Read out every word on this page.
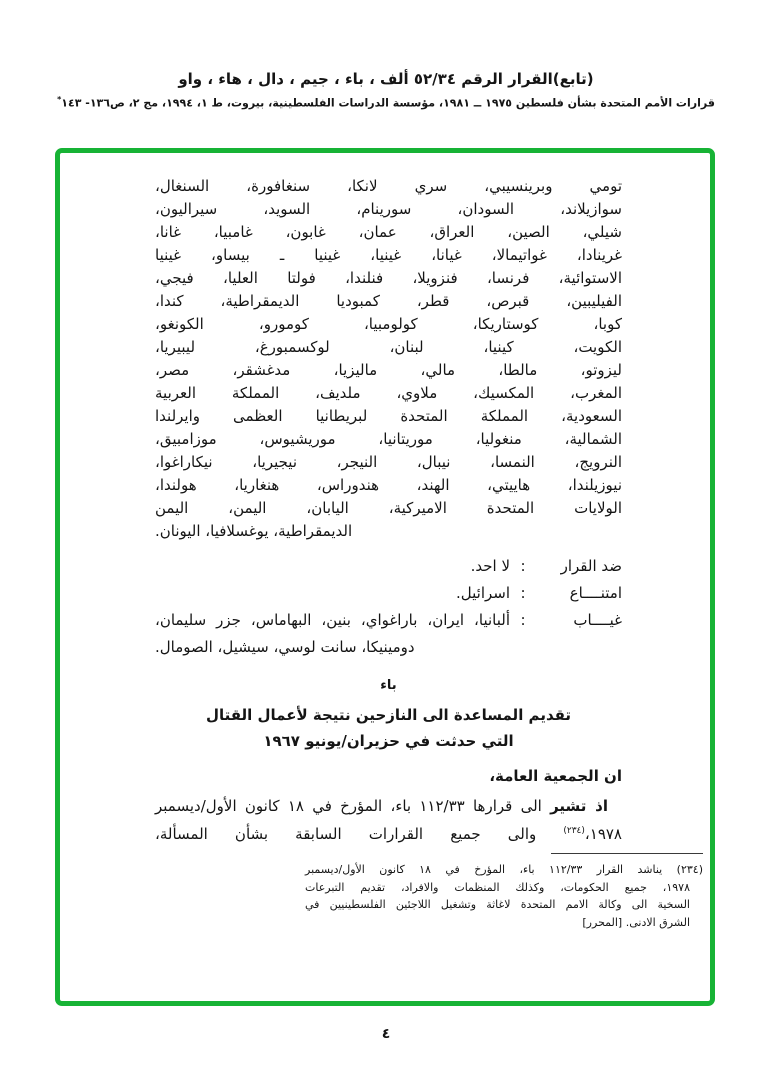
(تابع)القرار الرقم ٥٢/٣٤ ألف ، باء ، جيم ، دال ، هاء ، واو
قرارات الأمم المتحدة بشأن فلسطين ١٩٧٥ ــ ١٩٨١، مؤسسة الدراسات الفلسطينية، بيروت، ط ١، ١٩٩٤، مج ٢، ص١٣٦- ١٤٣*
تومي وبرينسيبي، سري لانكا، سنغافورة، السنغال،
سوازيلاند، السودان، سورينام، السويد، سيراليون،
شيلي، الصين، العراق، عمان، غابون، غامبيا، غانا،
غرينادا، غواتيمالا، غيانا، غينيا، غينيا ـ بيساو، غينيا
الاستوائية، فرنسا، فنزويلا، فنلندا، فولتا العليا، فيجي،
الفيليبين، قبرص، قطر، كمبوديا الديمقراطية، كندا،
كوبا، كوستاريكا، كولومبيا، كومورو، الكونغو،
الكويت، كينيا، لبنان، لوكسمبورغ، ليبيريا،
ليزوتو، مالطا، مالي، ماليزيا، مدغشقر، مصر،
المغرب، المكسيك، ملاوي، ملديف، المملكة العربية
السعودية، المملكة المتحدة لبريطانيا العظمى وايرلندا
الشمالية، منغوليا، موريتانيا، موريشيوس، موزامبيق،
النرويج، النمسا، نيبال، النيجر، نيجيريا، نيكاراغوا،
نيوزيلندا، هاييتي، الهند، هندوراس، هنغاريا، هولندا،
الولايات المتحدة الاميركية، اليابان، اليمن، اليمن
الديمقراطية، يوغسلافيا، اليونان.
ضد القرار
:
لا احد.
امتنــــاع
:
اسرائيل.
غيــــاب
:
ألبانيا، ايران، باراغواي، بنين، البهاماس، جزر سليمان، دومينيكا، سانت لوسي، سيشيل، الصومال.
باء
تقديم المساعدة الى النازحين نتيجة لأعمال القتال
التي حدثت في حزيران/يونيو ١٩٦٧
ان الجمعية العامة،
اذ تشير الى قرارها ١١٢/٣٣ باء، المؤرخ في ١٨ كانون الأول/ديسمبر ١٩٧٨،$^{(٢٣٤)}$ والى جميع القرارات السابقة بشأن المسألة،
(٢٣٤) يناشد القرار ١١٢/٣٣ باء، المؤرخ في ١٨ كانون الأول/ديسمبر
١٩٧٨، جميع الحكومات، وكذلك المنظمات والافراد، تقديم التبرعات
السخية الى وكالة الامم المتحدة لاغاثة وتشغيل اللاجئين الفلسطينيين في
الشرق الادنى. [المحرر]
٤
